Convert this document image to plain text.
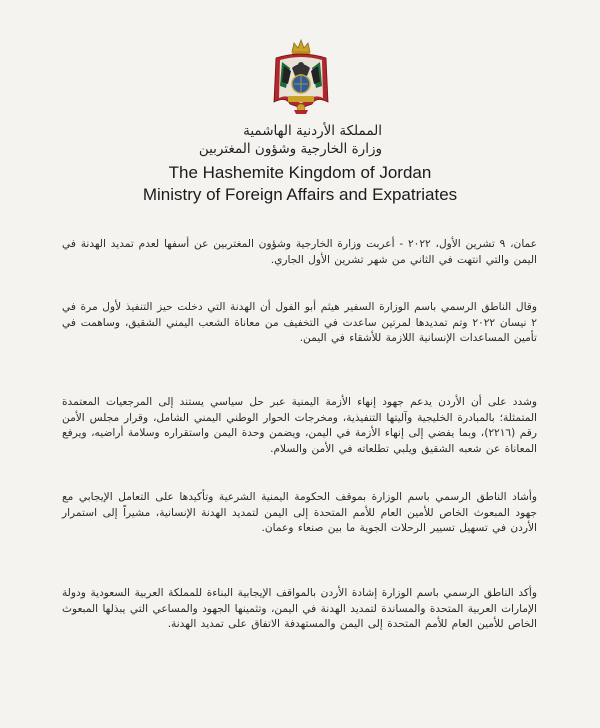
المملكة الأردنية الهاشمية
وزارة الخارجية وشؤون المغتربين
The Hashemite Kingdom of Jordan
Ministry of Foreign Affairs and Expatriates
عمان، ٩ تشرين الأول، ٢٠٢٢ - أعربت وزارة الخارجية وشؤون المغتربين عن أسفها لعدم تمديد الهدنة في اليمن والتي انتهت في الثاني من شهر تشرين الأول الجاري.
وقال الناطق الرسمي باسم الوزارة السفير هيثم أبو الفول أن الهدنة التي دخلت حيز التنفيذ لأول مرة في ٢ نيسان ٢٠٢٢ وتم تمديدها لمرتين ساعدت في التخفيف من معاناة الشعب اليمني الشقيق، وساهمت في تأمين المساعدات الإنسانية اللازمة للأشقاء في اليمن.
وشدد على أن الأردن يدعم جهود إنهاء الأزمة اليمنية عبر حل سياسي يستند إلى المرجعيات المعتمدة المتمثلة؛ بالمبادرة الخليجية وآليتها التنفيذية، ومخرجات الحوار الوطني اليمني الشامل، وقرار مجلس الأمن رقم (٢٢١٦)، وبما يفضي إلى إنهاء الأزمة في اليمن، ويضمن وحدة اليمن واستقراره وسلامة أراضيه، ويرفع المعاناة عن شعبه الشقيق ويلبي تطلعاته في الأمن والسلام.
وأشاد الناطق الرسمي باسم الوزارة بموقف الحكومة اليمنية الشرعية وتأكيدها على التعامل الإيجابي مع جهود المبعوث الخاص للأمين العام للأمم المتحدة إلى اليمن لتمديد الهدنة الإنسانية، مشيراً إلى استمرار الأردن في تسهيل تسيير الرحلات الجوية ما بين صنعاء وعمان.
وأكد الناطق الرسمي باسم الوزارة إشادة الأردن بالمواقف الإيجابية البناءة للمملكة العربية السعودية ودولة الإمارات العربية المتحدة والمساندة لتمديد الهدنة في اليمن، وتثمينها الجهود والمساعي التي يبذلها المبعوث الخاص للأمين العام للأمم المتحدة إلى اليمن والمستهدفة الاتفاق على تمديد الهدنة.
